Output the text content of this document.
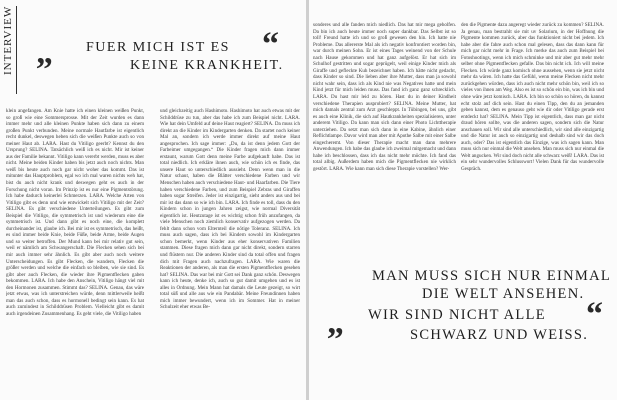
INTERVIEW „ FUER MICH IST ES
KEINE KRANKHEIT.
“

klein angefangen. Am Knie hatte ich einen kleinen weißen Punkt, so groß wie eine Sommersprosse. Mit der Zeit wurden es dann immer mehr und alle kleinen Punkte haben sich dann zu einem großen Punkt verbunden. Meine normale Hautfarbe ist eigentlich recht dunkel, deswegen heben sich die weißen Punkte auch so von meiner Haut ab. LARA. Hast du Vitiligo geerbt? Kennst du den Ursprung? SELINA. Tatsächlich weiß ich es nicht. Mir ist keiner aus der Familie bekannt. Vitiligo kann vererbt werden, muss es aber nicht. Meine beiden Kinder haben bis jetzt auch noch nichts. Man weiß bis heute auch noch gar nicht woher das kommt. Das ist mitunter das Hauptproblem, egal wo ich mal waren nichts weh hat, bist du auch nicht krank und deswegen geht es auch in der Forschung nicht voran. Im Prinzip ist es nur eine Pigmentstörung. Ich habe dadurch keinerlei Schmerzen. LARA. Welche Arten von Vitiligo gibt es denn und wie entwickelt sich Vitiligo mit der Zeit? SELINA. Es gibt verschiedene Unterteilungen. Es gibt zum Beispiel die Vitiligo, die symmetrisch ist und wiederum eine die symmetrisch ist. Und dann gibt es noch eine, die komplett durcheinander ist, glaube ich. Bei mir ist es symmetrisch, das heißt, es sind immer beide Knie, beide Füße, beide Arme, beide Augen und so weiter betroffen. Der Mund kann bei mir relativ gut sein, weil er nämlich am Schwangerschaft. Die Flecken sehen sich bei mir auch immer sehr ähnlich. Es gibt aber auch noch weitere Unterscheidungen. Es gibt Flecken, die wandern, Flecken die größer werden und welche die einfach so bleiben, wie sie sind. Es gibt aber auch Flecken, die wieder ihre Pigmentflecken gaben bekommen. LARA. Ich habe den Anschein, Vitiligo hängt viel mit den Hormonen zusammen. Stimmt das? SELINA. Genau, das wäre jetzt etwas, was ich unterstreichen würde, denn mittlerweile heißt man das auch schon, dass es hormonell bedingt sein kann. Es hat auch zumindest in Schilddrüsen Problem. Vielleicht gibt es damit auch irgendeinen Zusammenhang. Es geht viele, die Vitiligo haben

und gleichzeitig auch Hashimoto. Hashimoto hat auch etwas mit der Schilddrüse zu tun, aber das habe ich zum Beispiel nicht. LARA. Wie hat dein Umfeld auf deine Haut reagiert? SELINA. Da muss ich direkt an die Kinder im Kindergarten denken. Da startet noch keiner Mal an, sondern ich werde immer direkt auf meine Haut angesprochen. Ich sage immer: „Du, da ist denn jedem Gott der Farbeimer umgegangen.“ Die Kinder fragen mich dann immer erstaunt, warum Gott denn meine Farbe aufgekauft habe. Das ist total niedlich. Ich erkläre ihnen auch, wie schön ich es finde, das unsere Haut so unterschiedlich aussieht. Denn wenn man in die Natur schaut, haben die Blätter verschiedene Farben und wir Menschen haben auch verschiedene Haut- und Haarfarben. Die Tiere haben verschiedene Farben, und zum Beispiel Zebras und Giraffen haben sogar Streifen. Jeder ist einzigartig, sieht anders aus und bei mir ist das dann so wie ich bin. LARA. Ich finde es toll, dass du den Kindern schon in jungen Jahren zeigst, wie normal Diversität eigentlich ist. Heutzutage ist es wichtig schon früh anzufangen, da viele Menschen noch ziemlich konservativ aufgezogen werden. Da fehlt dann schon vom Elternteil die nötige Toleranz. SELINA. Ich muss auch sagen, dass ich bei Kindern sowohl im Kindergarten schon bemerkt, wenn Kinder aus eher konservativen Familien stammen. Diese fragen mich dann gar nicht direkt, sondern starren und flüstern nur. Die anderen Kinder sind da total offen und fragen dich mit Fragen auch nachzufragen. LARA. Wie waren die Reaktionen der anderen, als man die ersten Pigmentflecken gesehen hat? SELINA. Das war bei mir Gott sei Dank ganz schön. Deswegen kann ich heute, denke ich, auch so gut damit umgehen und es ist alles in Ordnung. Mein Mann hat damals die Leute gezeigt, so wirt total süß und alle aus wie ein Pandabär. Meine Freundinnen haben mich immer bewundert, wenn ich im Sommer. Hat in meiner Schulzeit eher etwas Be-

sonderes und alle fanden mich niedlich. Das hat mir mega geholfen. Da bin ich auch heute immer noch super dankbar. Das Selbst ist so toll! Freund hatte ich und so groß gewesen den hin. Ich hatte nie Probleme. Das allererste Mal als ich negativ konfrontiert worden bin, war durch meinen Sohn. Er ist eines Tages weinend von der Schule nach Hause gekommen und hat ganz aufgelöst. Er hat sich im Schulhof gestritten und sogar geprügelt, weil einige Kinder mich als Giraffe und gefleckte Kuh bezeichnet haben. Ich hätte nicht gedacht, dass Kinder so sind. Die lieben aber ihre Mutter, dass man ja sowohl nicht wahr sein, dass ich als Kind nie was Negatives hatte und mein Kind jetzt für mich leiden muss. Das fand ich ganz ganz schrecklich. LARA. Du hast mir leid zu hören. Hast du in deiner Kindheit verschiedene Therapien ausprobiert? SELINA. Meine Mutter, hat mich damals zentral zum Arzt geschleppt. In Tübingen, bei uns, gibt es auch eine Klinik, die sich auf Hautkrankheiten spezialisieren, unter anderem Vitiligo. Da kann man sich dann einer Photo Lichttherapie unterziehen. Da setzt man sich dann in eine Kabine, ähnlich einer Reflichtlampe. Davor wird man aber mit Apothe Salbe mit einer Salbe eingecheremt. Von dieser Therapie macht man dann mehrere Anwendungen. Ich habe das glaube ich zweimal mitgemacht und dann habe ich beschlossen, dass ich das nicht mehr möchte. Ich fand das total albig. Außerdem haben mich die Pigmentflecken nie wirklich gestört. LARA. Wie kann man sich diese Therapie vorstellen? Wer-

den die Pigmente dazu angeregt wieder zurück zu kommen? SELINA. Ja genau, man bestrahlt sie mit uv Solarium, in der Hoffnung die Pigmente kommen zurück, aber das funktioniert nicht bei jedem. Ich habe aber die fahre auch schon mal gelesen, dass das dann kann für mich gar nicht mehr in Frage. Ich merke das auch zum Beispiel bei Fotoshootings, wenn ich mich schminke und mir aber gut mehr mehr selber ohne Pigmentflecken gefalle. Das bin nicht ich. Ich will meine Flecken. Ich würde ganz komisch ohne aussehen, wenn sie jetzt nicht mehr da wären. Ich hatte das Gefühl, wenn meine Flecken nicht mehr zurückgehen würden, dass ich auch nicht mehr schön bin, weil ich so vieles von ihnen am Weg. Also es ist so schön ein bin, was ich bin und ohne wäre jetzt komisch. LARA. Ich bin so schön so hören, du kannst echt stolz auf dich sein. Hast du einen Tipp, den du an jemanden geben kannst, dem es genauso geht wie dir oder Vitiligo gerade erst entdeckt hat? SELINA. Mein Tipp ist eigentlich, dass man gar nicht draud hören sollte, was die anderen sagen, sondern sich die Natur anschauen soll. Wir sind alle unterschiedlich, wir sind alle einzigartig und die Natur ist auch so einzigartig und deshalb sind wir das doch auch, oder? Das ist eigentlich das Einzige, was ich sagen kann. Man muss sich nur einmal die Welt ansehen. Man muss sich nur einmal die Welt angucken. Wir sind doch nicht alle schwarz weiß! LARA. Das ist ein sehr wundervolles Schlusswort! Vielen Dank für das wundervolle Gespräch.

MAN MUSS SICH NUR EINMAL
DIE WELT ANSEHEN.
WIR SIND NICHT ALLE
SCHWARZ UND WEISS.
„	“
